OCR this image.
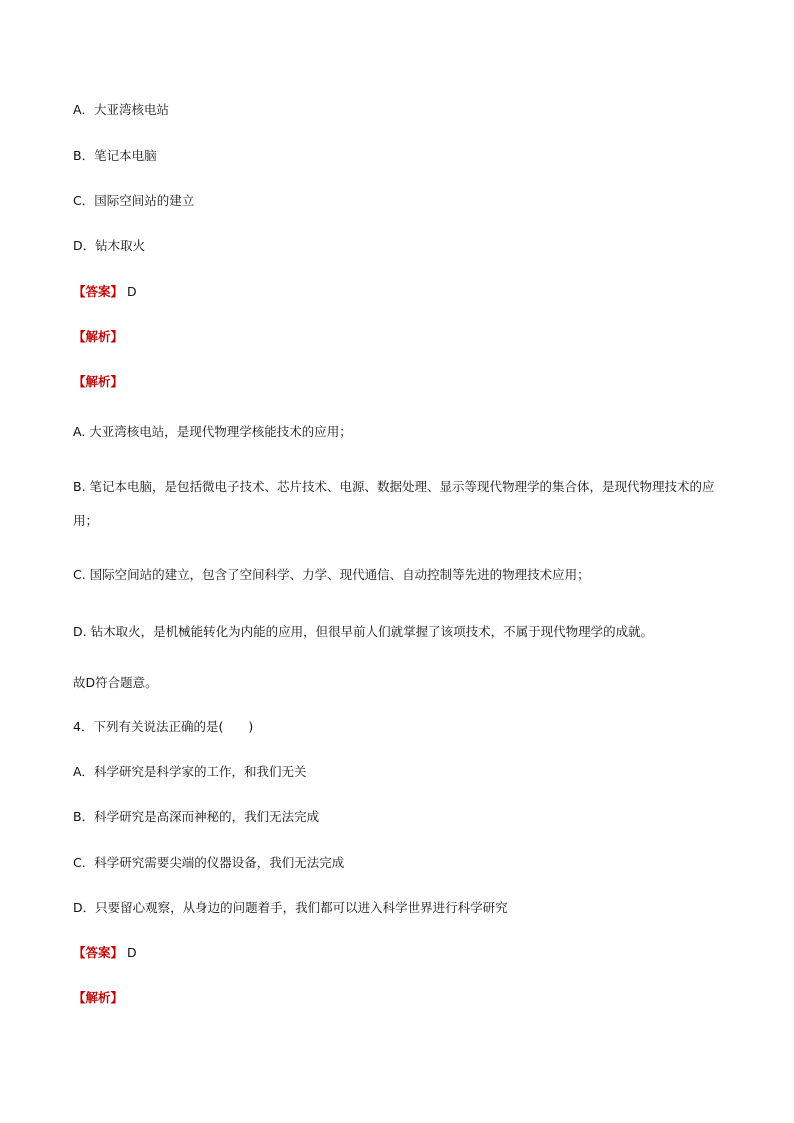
A．大亚湾核电站
B．笔记本电脑
C．国际空间站的建立
D．钻木取火
【答案】 D
【解析】
【解析】
A. 大亚湾核电站，是现代物理学核能技术的应用；
B. 笔记本电脑，是包括微电子技术、芯片技术、电源、数据处理、显示等现代物理学的集合体，是现代物理技术的应用；
C. 国际空间站的建立，包含了空间科学、力学、现代通信、自动控制等先进的物理技术应用；
D. 钻木取火，是机械能转化为内能的应用，但很早前人们就掌握了该项技术，不属于现代物理学的成就。
故D符合题意。
4．下列有关说法正确的是(　　)
A．科学研究是科学家的工作，和我们无关
B．科学研究是高深而神秘的，我们无法完成
C．科学研究需要尖端的仪器设备，我们无法完成
D．只要留心观察，从身边的问题着手，我们都可以进入科学世界进行科学研究
【答案】 D
【解析】
